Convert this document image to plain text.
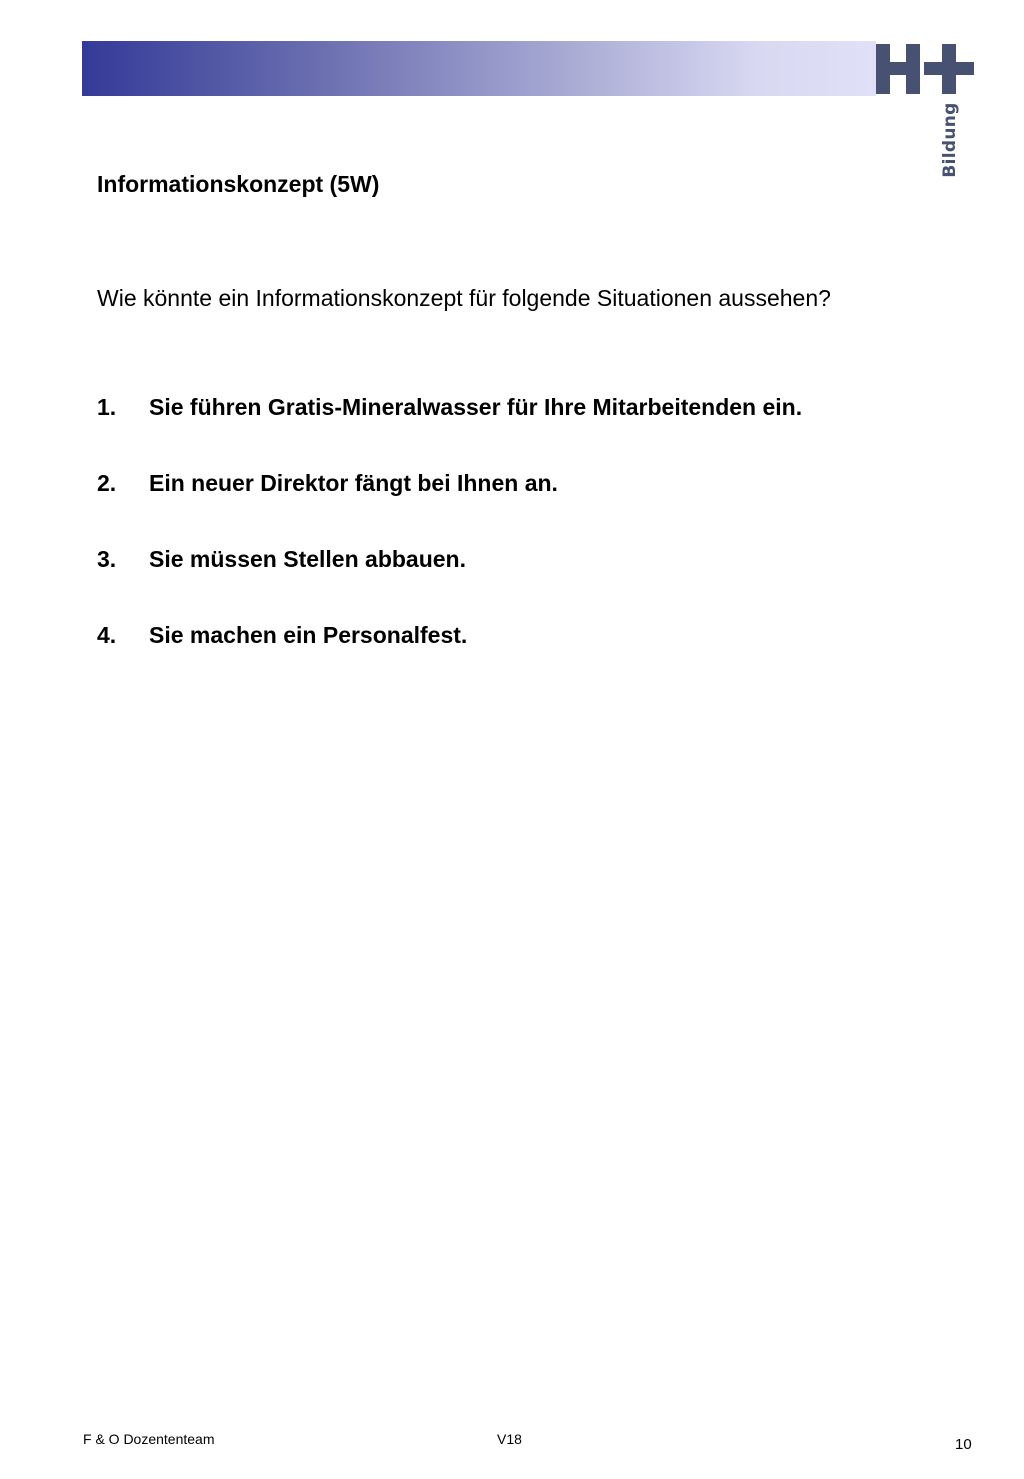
Bildung
Informationskonzept (5W)

Wie könnte ein Informationskonzept für folgende Situationen aussehen?

1.	Sie führen Gratis-Mineralwasser für Ihre Mitarbeitenden ein.
2.	Ein neuer Direktor fängt bei Ihnen an.
3.	Sie müssen Stellen abbauen.
4.	Sie machen ein Personalfest.
F & O Dozententeam	V18	10
